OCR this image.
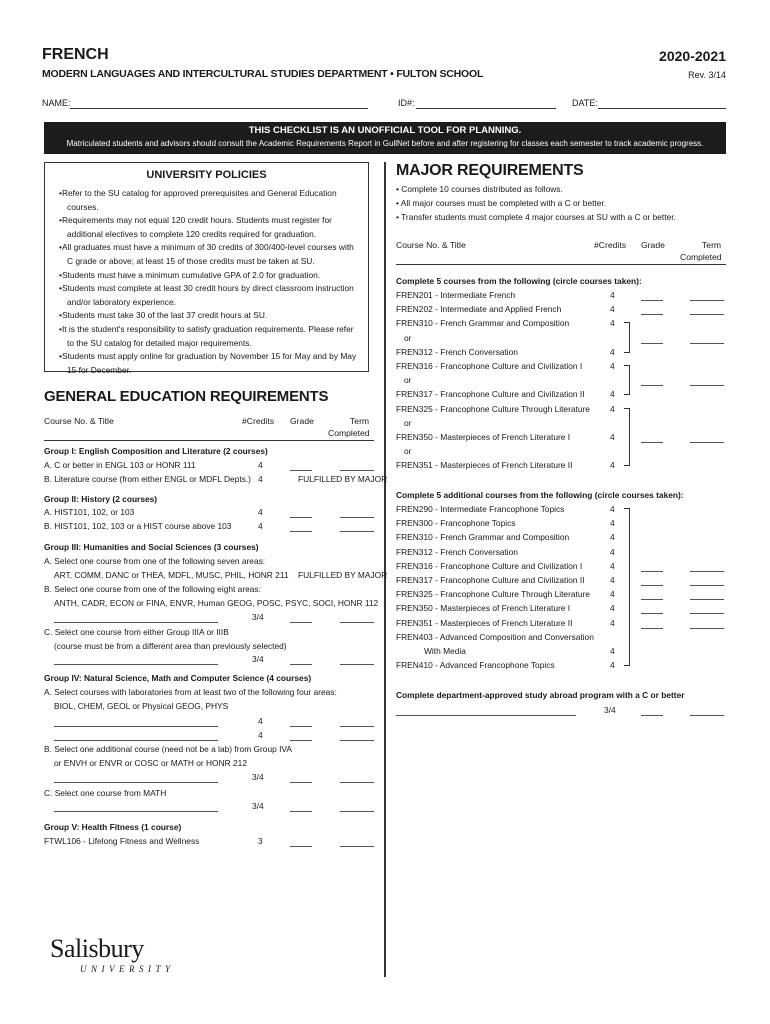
FRENCH	2020-2021
MODERN LANGUAGES AND INTERCULTURAL STUDIES DEPARTMENT • FULTON SCHOOL	Rev. 3/14
NAME:	ID#:	DATE:
THIS CHECKLIST IS AN UNOFFICIAL TOOL FOR PLANNING.
Matriculated students and advisors should consult the Academic Requirements Report in GullNet before and after registering for classes each semester to track academic progress.
UNIVERSITY POLICIES
• Refer to the SU catalog for approved prerequisites and General Education courses.
• Requirements may not equal 120 credit hours. Students must register for additional electives to complete 120 credits required for graduation.
• All graduates must have a minimum of 30 credits of 300/400-level courses with C grade or above; at least 15 of those credits must be taken at SU.
• Students must have a minimum cumulative GPA of 2.0 for graduation.
• Students must complete at least 30 credit hours by direct classroom instruction and/or laboratory experience.
• Students must take 30 of the last 37 credit hours at SU.
• It is the student's responsibility to satisfy graduation requirements. Please refer to the SU catalog for detailed major requirements.
• Students must apply online for graduation by November 15 for May and by May 15 for December.
GENERAL EDUCATION REQUIREMENTS
Course No. & Title	#Credits Grade	Term
Completed
Group I: English Composition and Literature (2 courses)
A. C or better in ENGL 103 or HONR 111	4
B. Literature course (from either ENGL or MDFL Depts.) 4	FULFILLED BY MAJOR
Group II: History (2 courses)
A. HIST101, 102, or 103	4
B. HIST101, 102, 103 or a HIST course above 103	4
Group III: Humanities and Social Sciences (3 courses)
A. Select one course from one of the following seven areas:
ART, COMM, DANC or THEA, MDFL, MUSC, PHIL, HONR 211 FULFILLED BY MAJOR
B. Select one course from one of the following eight areas:
ANTH, CADR, ECON or FINA, ENVR, Human GEOG, POSC, PSYC, SOCI, HONR 112
3/4
C. Select one course from either Group IIIA or IIIB
(course must be from a different area than previously selected)
3/4
Group IV: Natural Science, Math and Computer Science (4 courses)
A. Select courses with laboratories from at least two of the following four areas:
BIOL, CHEM, GEOL or Physical GEOG, PHYS
4
4
B. Select one additional course (need not be a lab) from Group IVA
or ENVH or ENVR or COSC or MATH or HONR 212
3/4
C. Select one course from MATH
3/4
Group V: Health Fitness (1 course)
FTWL106 - Lifelong Fitness and Wellness	3
MAJOR REQUIREMENTS
• Complete 10 courses distributed as follows.
• All major courses must be completed with a C or better.
• Transfer students must complete 4 major courses at SU with a C or better.
Course No. & Title	#Credits Grade	Term
Completed
Complete 5 courses from the following (circle courses taken):
FREN201 - Intermediate French	4
FREN202 - Intermediate and Applied French	4
FREN310 - French Grammar and Composition	4
or
FREN312 - French Conversation	4
FREN316 - Francophone Culture and Civilization I	4
or
FREN317 - Francophone Culture and Civilization II	4
FREN325 - Francophone Culture Through Literature 4
or
FREN350 - Masterpieces of French Literature I	4
or
FREN351 - Masterpieces of French Literature II	4
Complete 5 additional courses from the following (circle courses taken):
FREN290 - Intermediate Francophone Topics	4
FREN300 - Francophone Topics	4
FREN310 - French Grammar and Composition	4
FREN312 - French Conversation	4
FREN316 - Francophone Culture and Civilization I	4
FREN317 - Francophone Culture and Civilization II	4
FREN325 - Francophone Culture Through Literature 4
FREN350 - Masterpieces of French Literature I	4
FREN351 - Masterpieces of French Literature II	4
FREN403 - Advanced Composition and Conversation
With Media	4
FREN410 - Advanced Francophone Topics	4
Complete department-approved study abroad program with a C or better
3/4
Salisbury
UNIVERSITY
